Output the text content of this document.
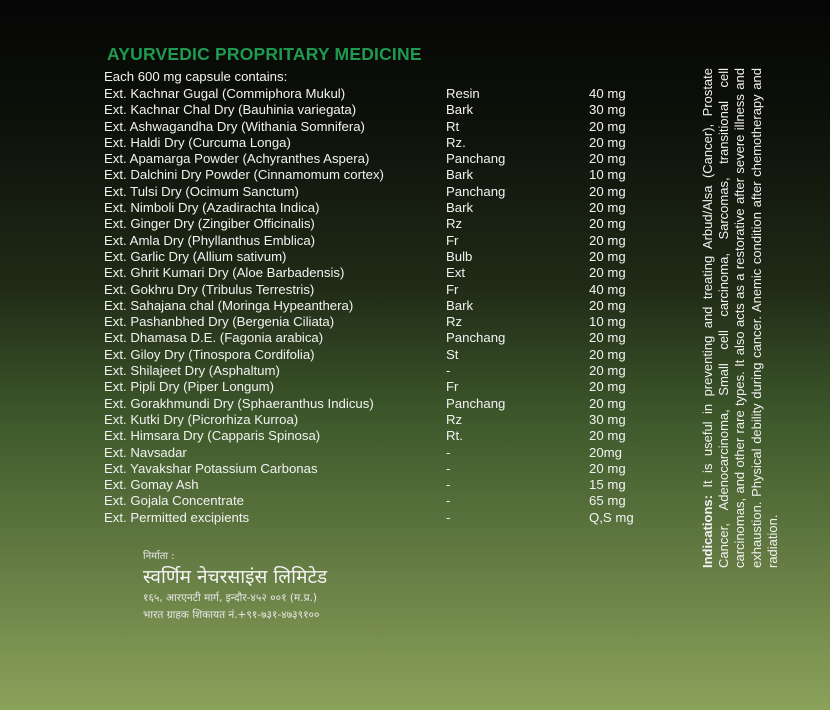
AYURVEDIC PROPRITARY MEDICINE
Each 600 mg capsule contains:
Ext. Kachnar Gugal (Commiphora Mukul)	Resin	40 mg
Ext. Kachnar Chal Dry (Bauhinia variegata)	Bark	30 mg
Ext. Ashwagandha Dry (Withania Somnifera)	Rt	20 mg
Ext. Haldi Dry (Curcuma Longa)	Rz.	20 mg
Ext. Apamarga Powder (Achyranthes Aspera)	Panchang	20 mg
Ext. Dalchini Dry Powder (Cinnamomum cortex)	Bark	10 mg
Ext. Tulsi Dry (Ocimum Sanctum)	Panchang	20 mg
Ext. Nimboli Dry (Azadirachta Indica)	Bark	20 mg
Ext. Ginger Dry (Zingiber Officinalis)	Rz	20 mg
Ext. Amla Dry (Phyllanthus Emblica)	Fr	20 mg
Ext. Garlic Dry (Allium sativum)	Bulb	20 mg
Ext. Ghrit Kumari Dry (Aloe Barbadensis)	Ext	20 mg
Ext. Gokhru Dry (Tribulus Terrestris)	Fr	40 mg
Ext. Sahajana chal (Moringa Hypeanthera)	Bark	20 mg
Ext. Pashanbhed Dry (Bergenia Ciliata)	Rz	10 mg
Ext. Dhamasa D.E. (Fagonia arabica)	Panchang	20 mg
Ext. Giloy Dry (Tinospora Cordifolia)	St	20 mg
Ext. Shilajeet Dry (Asphaltum)	-	20 mg
Ext. Pipli Dry (Piper Longum)	Fr	20 mg
Ext. Gorakhmundi Dry (Sphaeranthus Indicus)	Panchang	20 mg
Ext. Kutki Dry (Picrorhiza Kurroa)	Rz	30 mg
Ext. Himsara Dry (Capparis Spinosa)	Rt.	20 mg
Ext. Navsadar	-	20mg
Ext. Yavakshar Potassium Carbonas	-	20 mg
Ext. Gomay Ash	-	15 mg
Ext. Gojala Concentrate	-	65 mg
Ext. Permitted excipients	-	Q,S mg
निर्माता :
स्वर्णिम नेचरसाइंस लिमिटेड
१६५, आरएनटी मार्ग, इन्दौर-४५२ ००१ (म.प्र.)
भारत ग्राहक शिकायत नं.+९१-७३१-४७३९१००
Indications: It is useful in preventing and treating Arbud/Alsa (Cancer), Prostate Cancer, Adenocarcinoma, Small cell carcinoma, Sarcomas, transitional cell carcinomas, and other rare types. It also acts as a restorative after severe illness and exhaustion. Physical debility during cancer. Anemic condition after chemotherapy and radiation.
